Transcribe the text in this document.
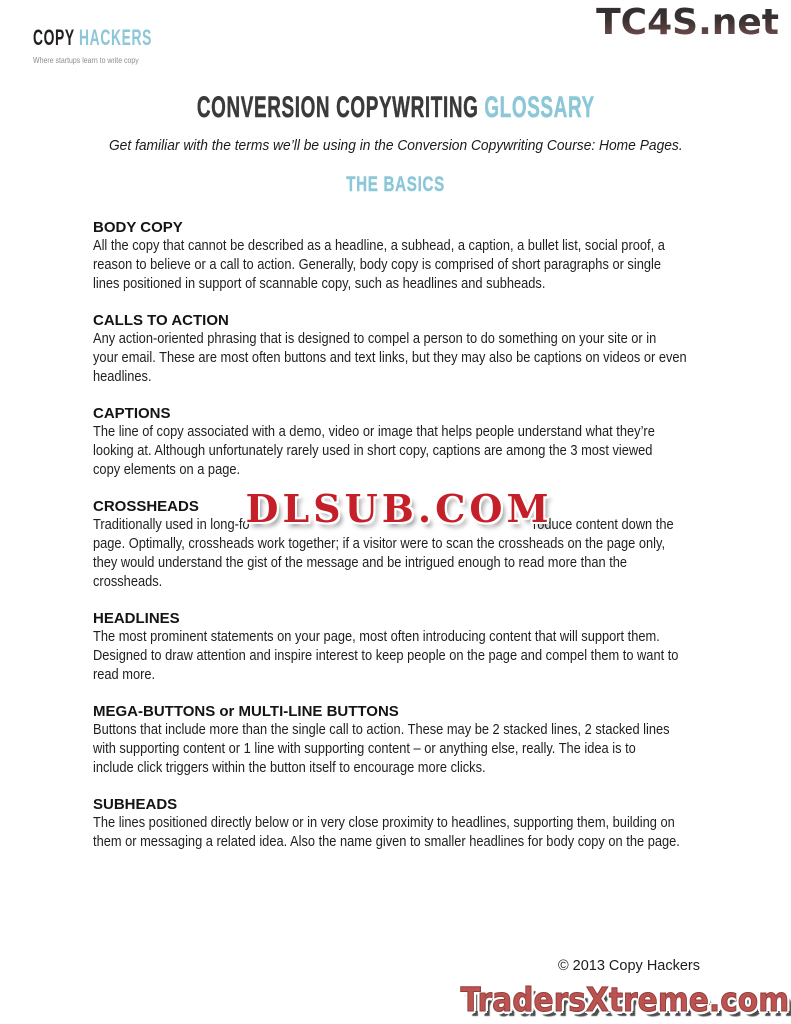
COPY HACKERS
Where startups learn to write copy
TC4S.net
CONVERSION COPYWRITING GLOSSARY
Get familiar with the terms we’ll be using in the Conversion Copywriting Course: Home Pages.
THE BASICS
BODY COPY
All the copy that cannot be described as a headline, a subhead, a caption, a bullet list, social proof, a
reason to believe or a call to action. Generally, body copy is comprised of short paragraphs or single
lines positioned in support of scannable copy, such as headlines and subheads.
CALLS TO ACTION
Any action-oriented phrasing that is designed to compel a person to do something on your site or in
your email. These are most often buttons and text links, but they may also be captions on videos or even
headlines.
CAPTIONS
The line of copy associated with a demo, video or image that helps people understand what they’re
looking at. Although unfortunately rarely used in short copy, captions are among the 3 most viewed
copy elements on a page.
CROSSHEADS
Traditionally used in long-fo	roduce content down the
page. Optimally, crossheads work together; if a visitor were to scan the crossheads on the page only,
they would understand the gist of the message and be intrigued enough to read more than the
crossheads.
HEADLINES
The most prominent statements on your page, most often introducing content that will support them.
Designed to draw attention and inspire interest to keep people on the page and compel them to want to
read more.
MEGA-BUTTONS or MULTI-LINE BUTTONS
Buttons that include more than the single call to action. These may be 2 stacked lines, 2 stacked lines
with supporting content or 1 line with supporting content – or anything else, really. The idea is to
include click triggers within the button itself to encourage more clicks.
SUBHEADS
The lines positioned directly below or in very close proximity to headlines, supporting them, building on
them or messaging a related idea. Also the name given to smaller headlines for body copy on the page.
DLSUB.COM
© 2013 Copy Hackers
TradersXtreme.com
